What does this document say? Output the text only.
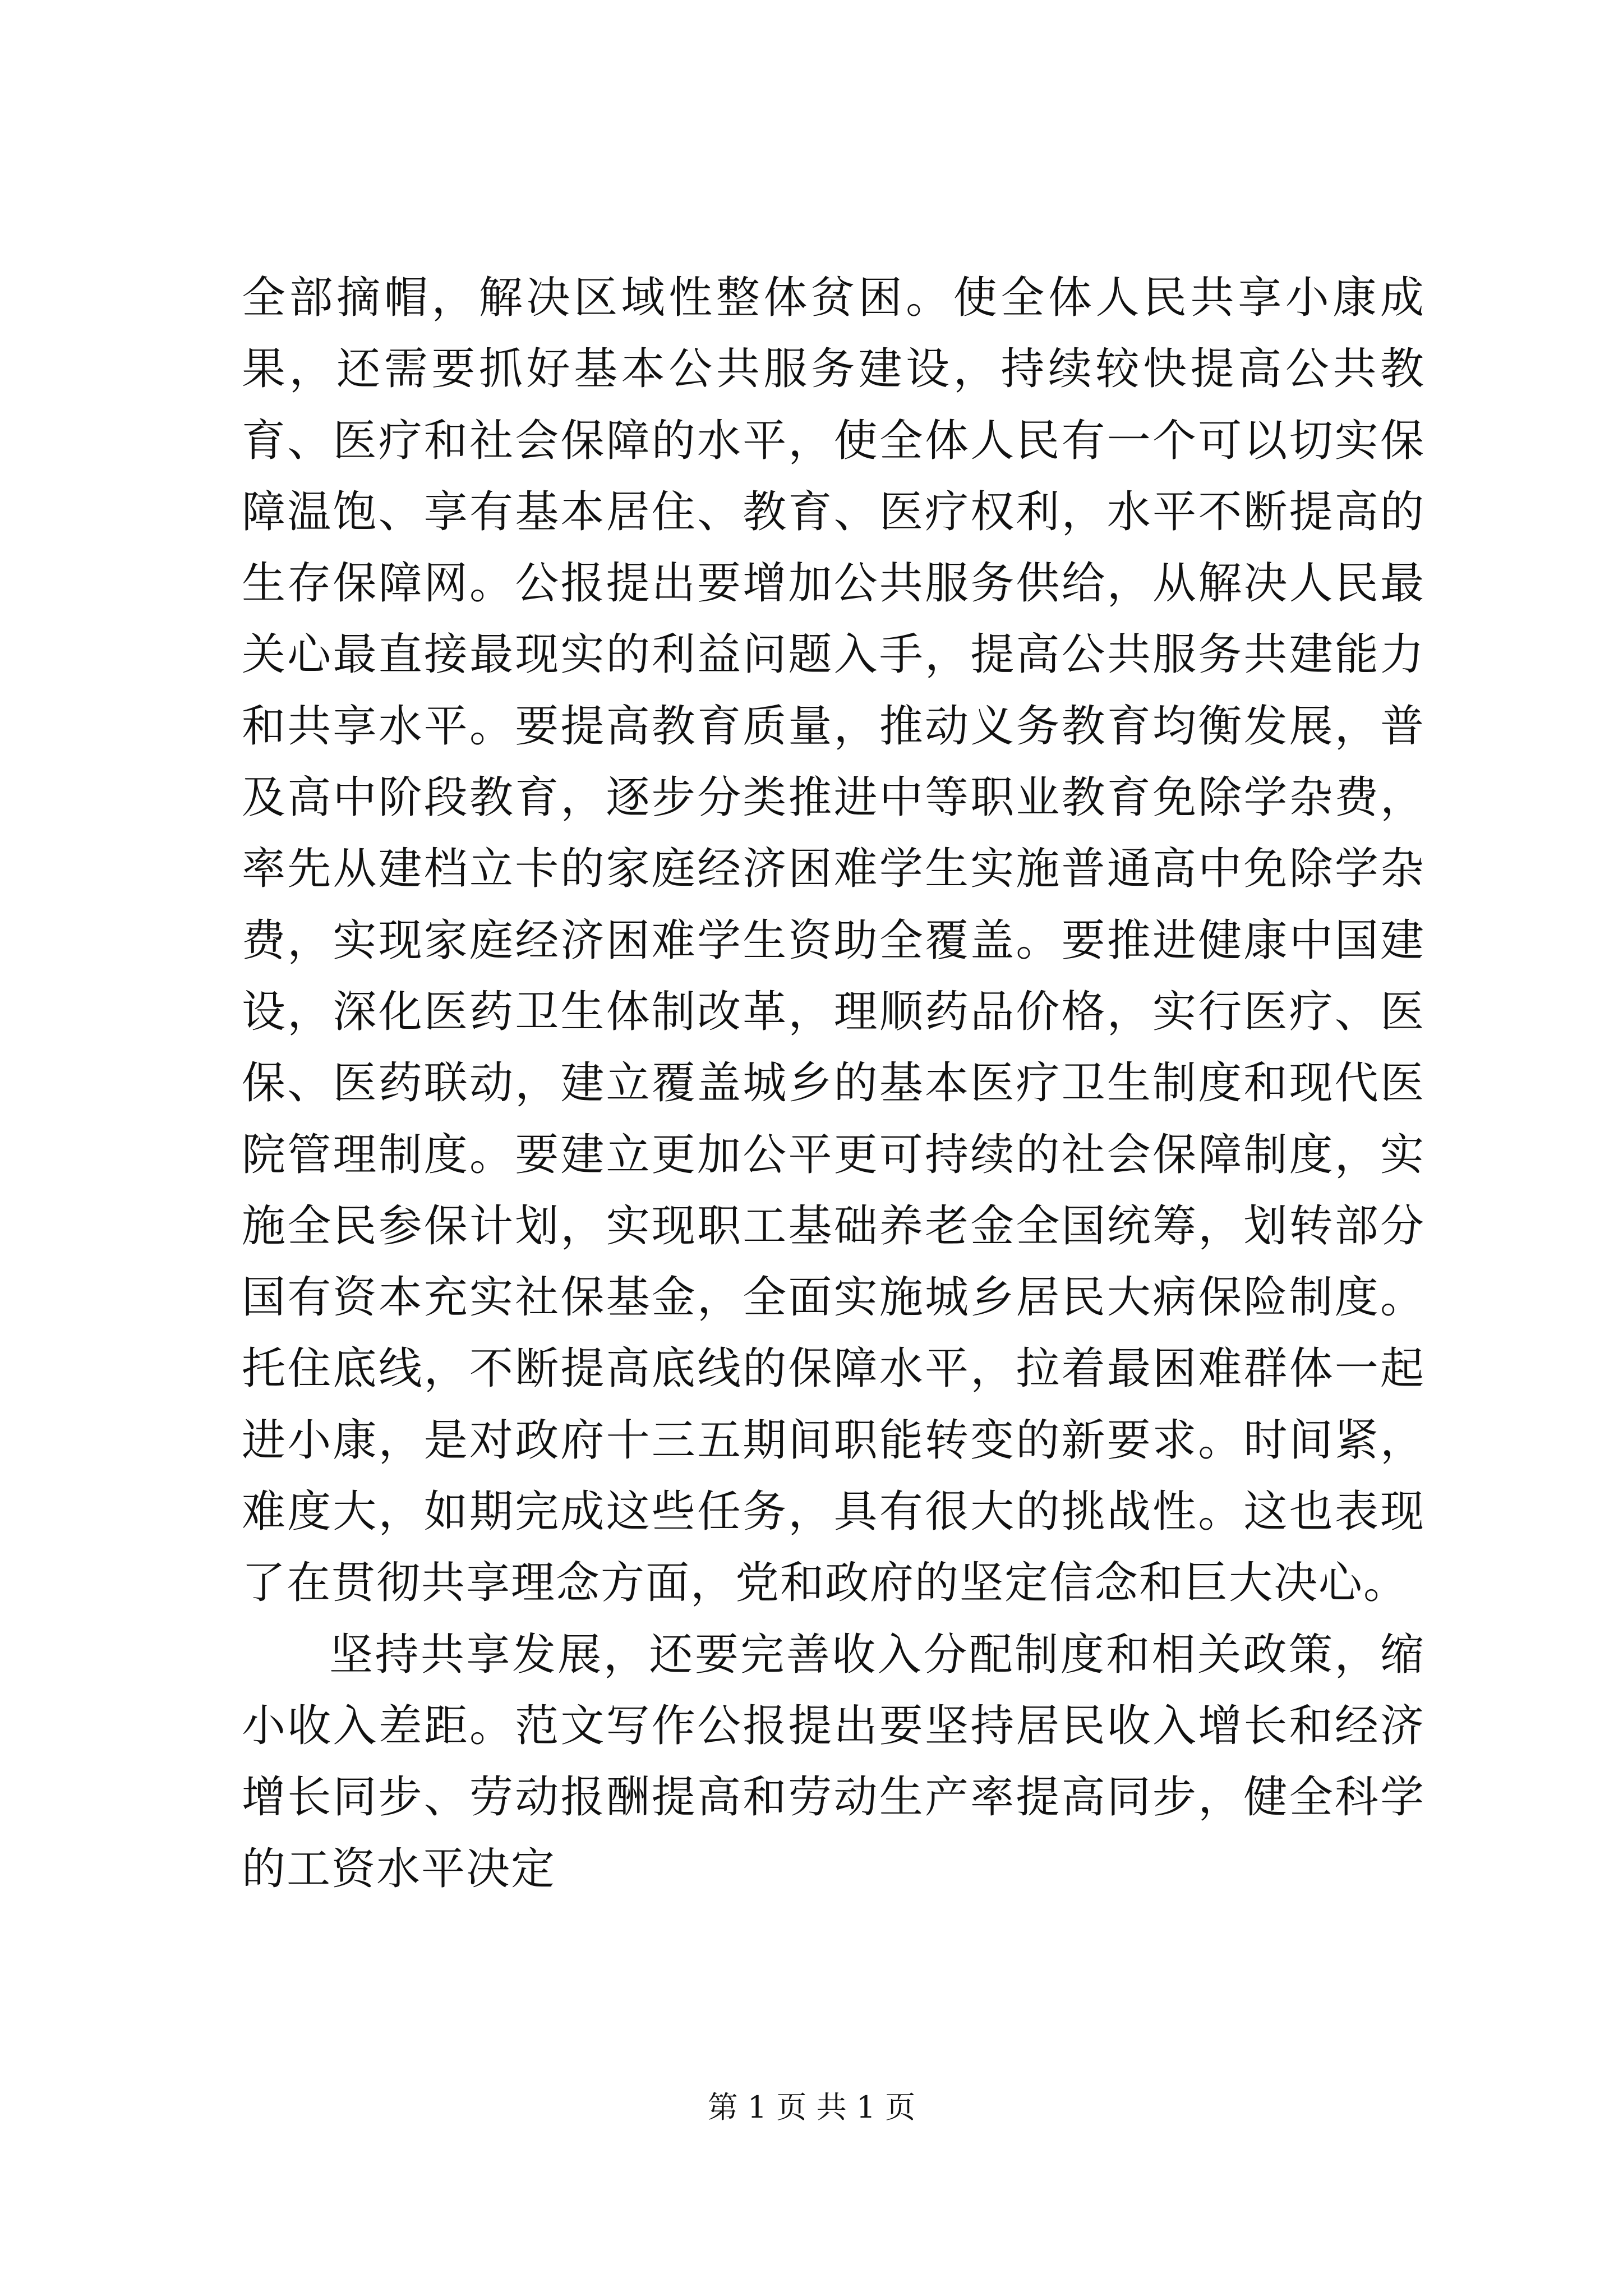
全部摘帽，解决区域性整体贫困。使全体人民共享小康成果，还需要抓好基本公共服务建设，持续较快提高公共教育、医疗和社会保障的水平，使全体人民有一个可以切实保障温饱、享有基本居住、教育、医疗权利，水平不断提高的生存保障网。公报提出要增加公共服务供给，从解决人民最关心最直接最现实的利益问题入手，提高公共服务共建能力和共享水平。要提高教育质量，推动义务教育均衡发展，普及高中阶段教育，逐步分类推进中等职业教育免除学杂费，率先从建档立卡的家庭经济困难学生实施普通高中免除学杂费，实现家庭经济困难学生资助全覆盖。要推进健康中国建设，深化医药卫生体制改革，理顺药品价格，实行医疗、医保、医药联动，建立覆盖城乡的基本医疗卫生制度和现代医院管理制度。要建立更加公平更可持续的社会保障制度，实施全民参保计划，实现职工基础养老金全国统筹，划转部分国有资本充实社保基金，全面实施城乡居民大病保险制度。托住底线，不断提高底线的保障水平，拉着最困难群体一起进小康，是对政府十三五期间职能转变的新要求。时间紧，难度大，如期完成这些任务，具有很大的挑战性。这也表现了在贯彻共享理念方面，党和政府的坚定信念和巨大决心。

坚持共享发展，还要完善收入分配制度和相关政策，缩小收入差距。范文写作公报提出要坚持居民收入增长和经济增长同步、劳动报酬提高和劳动生产率提高同步，健全科学的工资水平决定

第 1 页 共 1 页
